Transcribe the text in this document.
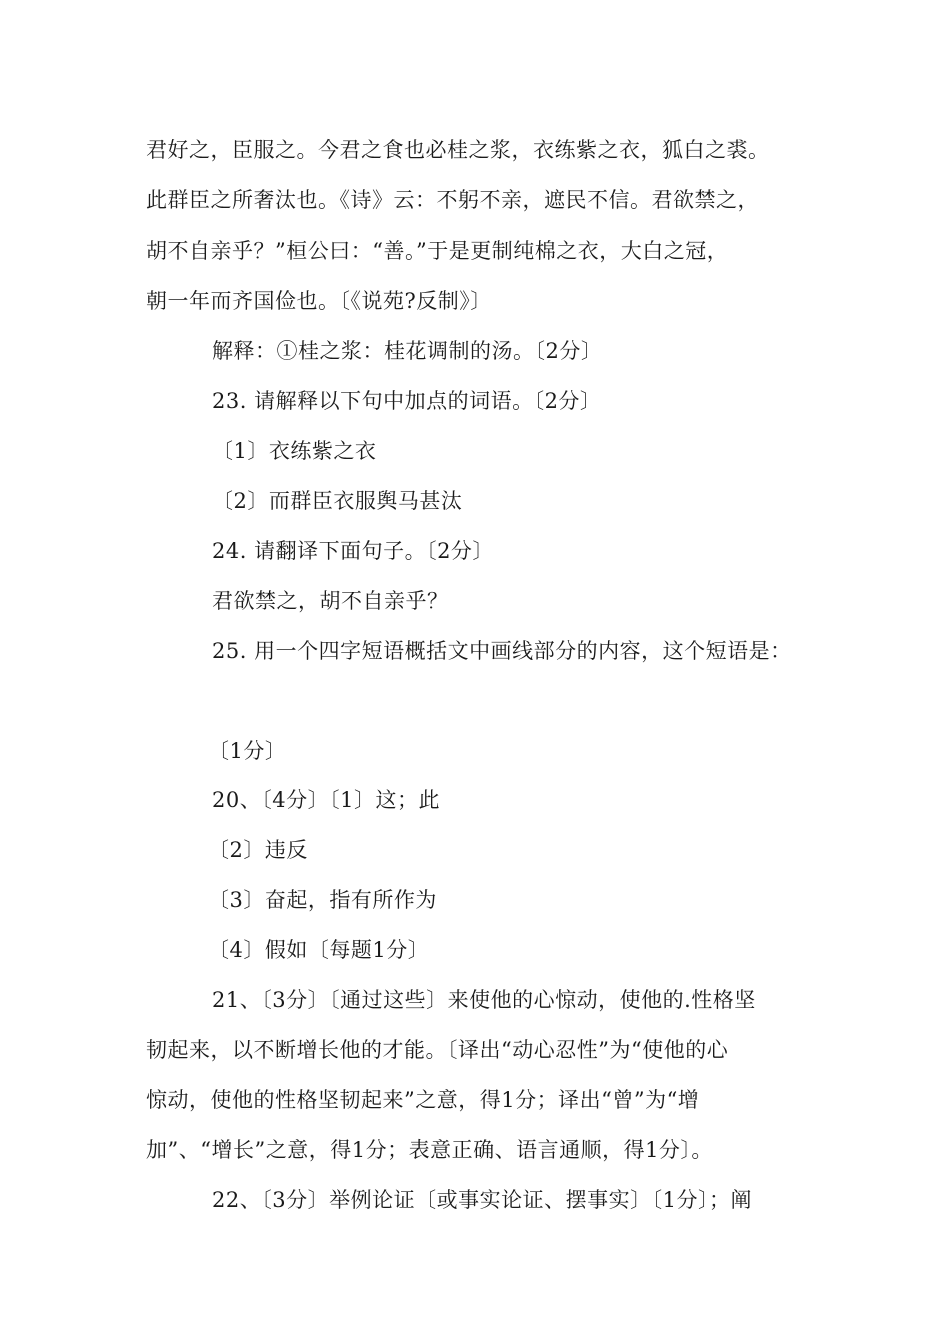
君好之，臣服之。今君之食也必桂之浆，衣练紫之衣，狐白之裘。
此群臣之所奢汰也。《诗》云：不躬不亲，遮民不信。君欲禁之，
胡不自亲乎？”桓公曰：“善。”于是更制纯棉之衣，大白之冠，
朝一年而齐国俭也。〔《说苑?反制》〕
解释：①桂之浆：桂花调制的汤。〔2分〕
23. 请解释以下句中加点的词语。〔2分〕
〔1〕衣练紫之衣
〔2〕而群臣衣服舆马甚汰
24. 请翻译下面句子。〔2分〕
君欲禁之，胡不自亲乎？
25. 用一个四字短语概括文中画线部分的内容，这个短语是：
〔1分〕
20、〔4分〕〔1〕这；此
〔2〕违反
〔3〕奋起，指有所作为
〔4〕假如〔每题1分〕
21、〔3分〕〔通过这些〕来使他的心惊动，使他的.性格坚
韧起来，以不断增长他的才能。〔译出“动心忍性”为“使他的心
惊动，使他的性格坚韧起来”之意，得1分；译出“曾”为“增
加”、“增长”之意，得1分；表意正确、语言通顺，得1分〕。
22、〔3分〕举例论证〔或事实论证、摆事实〕〔1分〕；阐
